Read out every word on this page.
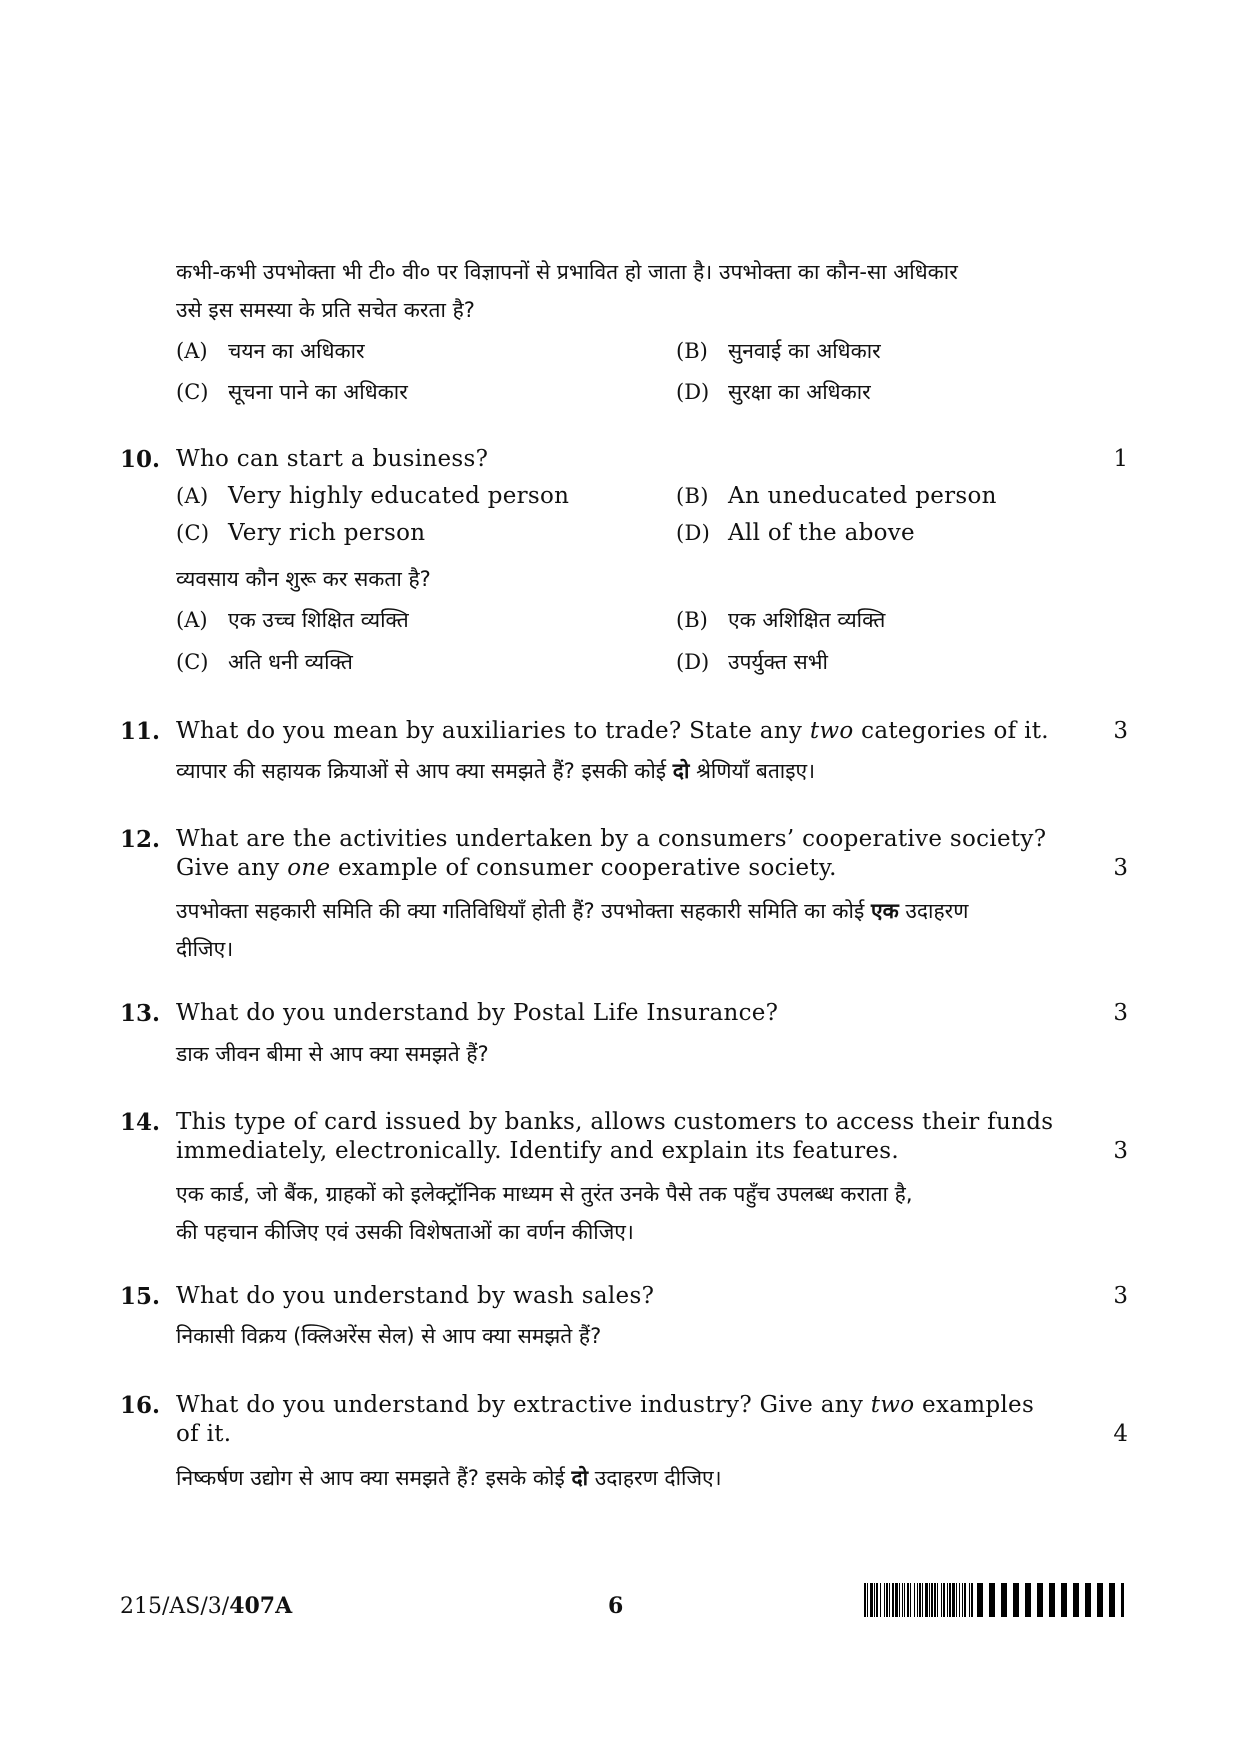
कभी-कभी उपभोक्ता भी टी० वी० पर विज्ञापनों से प्रभावित हो जाता है। उपभोक्ता का कौन-सा अधिकार
उसे इस समस्या के प्रति सचेत करता है?
(A) चयन का अधिकार	(B) सुनवाई का अधिकार
(C) सूचना पाने का अधिकार	(D) सुरक्षा का अधिकार
10. Who can start a business?	1
(A) Very highly educated person	(B) An uneducated person
(C) Very rich person	(D) All of the above
व्यवसाय कौन शुरू कर सकता है?
(A) एक उच्च शिक्षित व्यक्ति	(B) एक अशिक्षित व्यक्ति
(C) अति धनी व्यक्ति	(D) उपर्युक्त सभी
11. What do you mean by auxiliaries to trade? State any two categories of it.	3
व्यापार की सहायक क्रियाओं से आप क्या समझते हैं? इसकी कोई दो श्रेणियाँ बताइए।
12. What are the activities undertaken by a consumers’ cooperative society?
Give any one example of consumer cooperative society.	3
उपभोक्ता सहकारी समिति की क्या गतिविधियाँ होती हैं? उपभोक्ता सहकारी समिति का कोई एक उदाहरण
दीजिए।
13. What do you understand by Postal Life Insurance?	3
डाक जीवन बीमा से आप क्या समझते हैं?
14. This type of card issued by banks, allows customers to access their funds
immediately, electronically. Identify and explain its features.	3
एक कार्ड, जो बैंक, ग्राहकों को इलेक्ट्रॉनिक माध्यम से तुरंत उनके पैसे तक पहुँच उपलब्ध कराता है,
की पहचान कीजिए एवं उसकी विशेषताओं का वर्णन कीजिए।
15. What do you understand by wash sales?	3
निकासी विक्रय (क्लिअरेंस सेल) से आप क्या समझते हैं?
16. What do you understand by extractive industry? Give any two examples
of it.	4
निष्कर्षण उद्योग से आप क्या समझते हैं? इसके कोई दो उदाहरण दीजिए।
215/AS/3/407A	6
